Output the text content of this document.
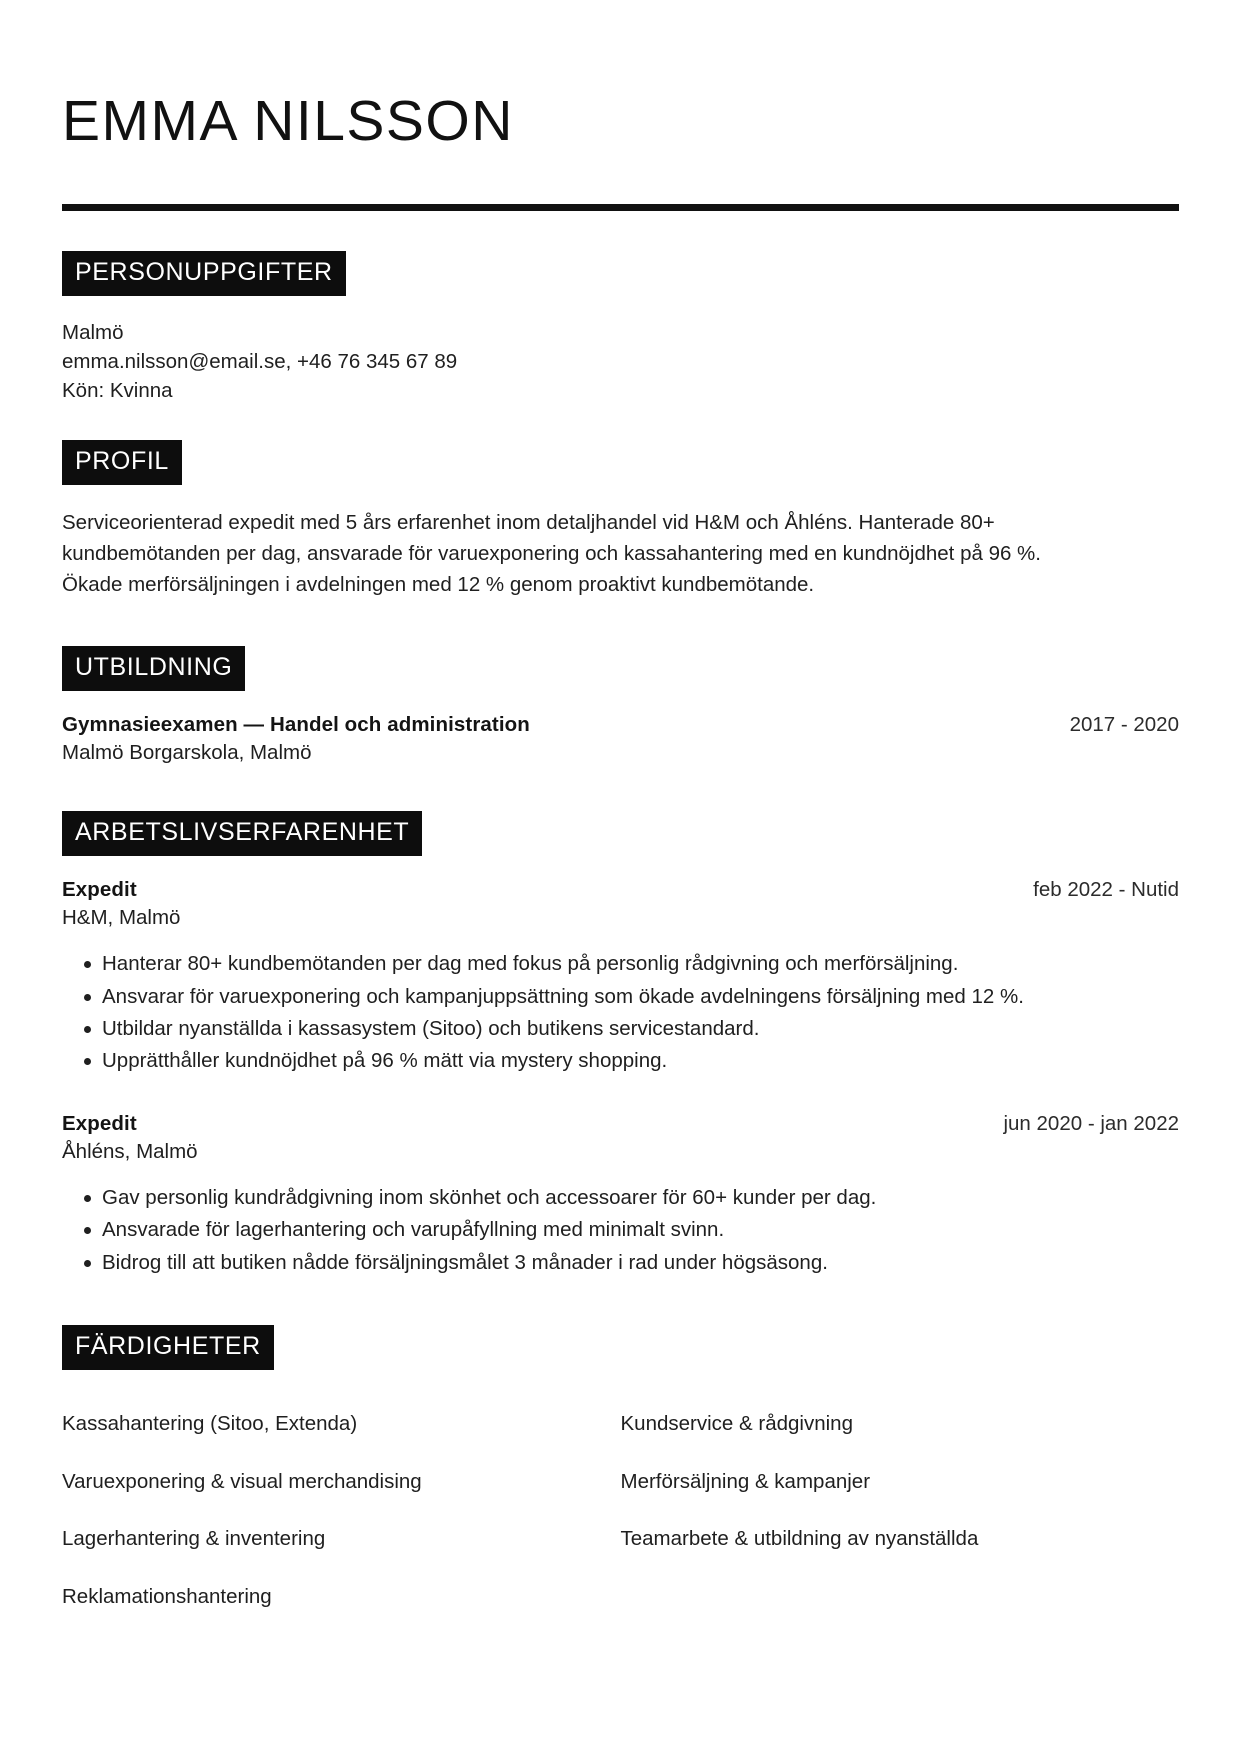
EMMA NILSSON
PERSONUPPGIFTER
Malmö
emma.nilsson@email.se, +46 76 345 67 89
Kön: Kvinna
PROFIL

Serviceorienterad expedit med 5 års erfarenhet inom detaljhandel vid H&M och Åhléns. Hanterade 80+ kundbemötanden per dag, ansvarade för varuexponering och kassahantering med en kundnöjdhet på 96 %. Ökade merförsäljningen i avdelningen med 12 % genom proaktivt kundbemötande.

UTBILDNING
Gymnasieexamen — Handel och administration	2017 - 2020
Malmö Borgarskola, Malmö
ARBETSLIVSERFARENHET
Expedit	feb 2022 - Nutid
H&M, Malmö
Hanterar 80+ kundbemötanden per dag med fokus på personlig rådgivning och merförsäljning.
Ansvarar för varuexponering och kampanjuppsättning som ökade avdelningens försäljning med 12 %.
Utbildar nyanställda i kassasystem (Sitoo) och butikens servicestandard.
Upprätthåller kundnöjdhet på 96 % mätt via mystery shopping.
Expedit	jun 2020 - jan 2022
Åhléns, Malmö
Gav personlig kundrådgivning inom skönhet och accessoarer för 60+ kunder per dag.
Ansvarade för lagerhantering och varupåfyllning med minimalt svinn.
Bidrog till att butiken nådde försäljningsmålet 3 månader i rad under högsäsong.
FÄRDIGHETER
Kassahantering (Sitoo, Extenda)	Kundservice & rådgivning
Varuexponering & visual merchandising	Merförsäljning & kampanjer
Lagerhantering & inventering	Teamarbete & utbildning av nyanställda
Reklamationshantering
